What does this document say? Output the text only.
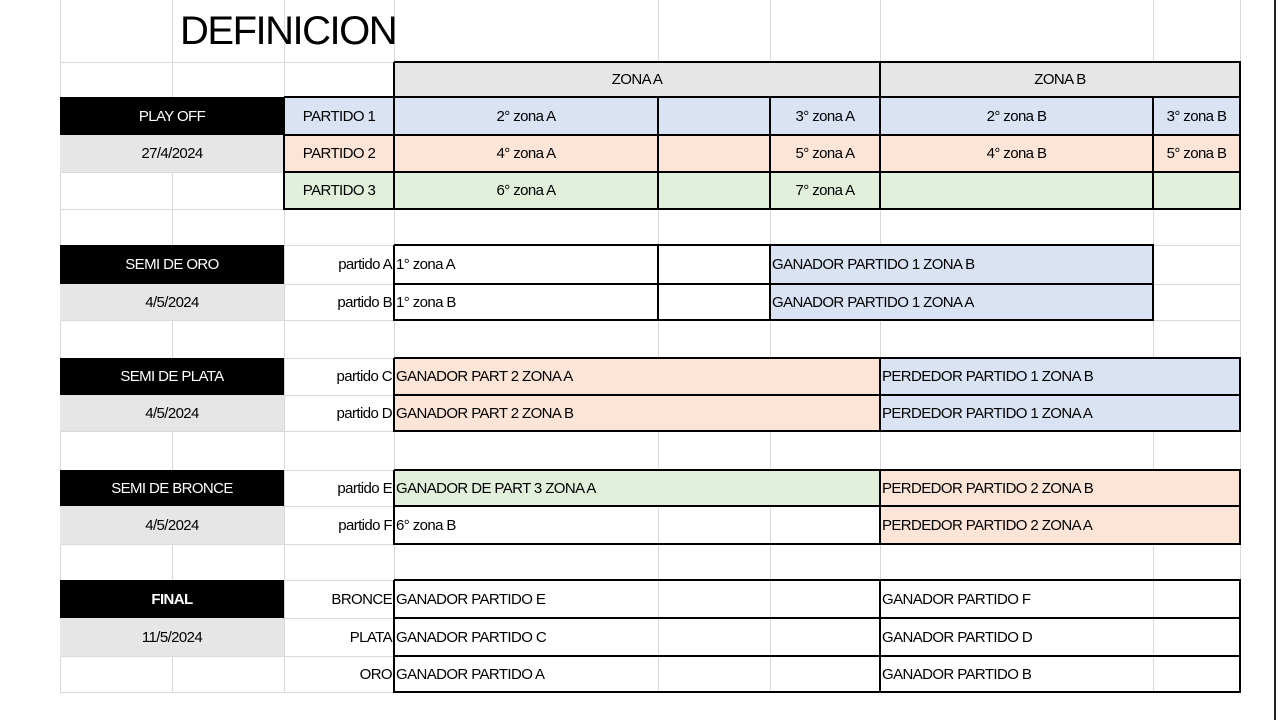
DEFINICION
ZONA A	ZONA B
PLAY OFF
27/4/2024
PARTIDO 1	2° zona A	3° zona A	2° zona B	3° zona B
PARTIDO 2	4° zona A	5° zona A	4° zona B	5° zona B
PARTIDO 3	6° zona A	7° zona A
SEMI DE ORO
4/5/2024
partido A 1° zona A	GANADOR PARTIDO 1 ZONA B
partido B 1° zona B	GANADOR PARTIDO 1 ZONA A
SEMI DE PLATA
4/5/2024
partido C GANADOR PART 2 ZONA A	PERDEDOR PARTIDO 1 ZONA B
partido D GANADOR PART 2 ZONA B	PERDEDOR PARTIDO 1 ZONA A
SEMI DE BRONCE
4/5/2024
partido E GANADOR DE PART 3 ZONA A	PERDEDOR PARTIDO 2 ZONA B
partido F 6° zona B	PERDEDOR PARTIDO 2 ZONA A
FINAL
11/5/2024
BRONCE GANADOR PARTIDO E	GANADOR PARTIDO F
PLATA GANADOR PARTIDO C	GANADOR PARTIDO D
ORO GANADOR PARTIDO A	GANADOR PARTIDO B
